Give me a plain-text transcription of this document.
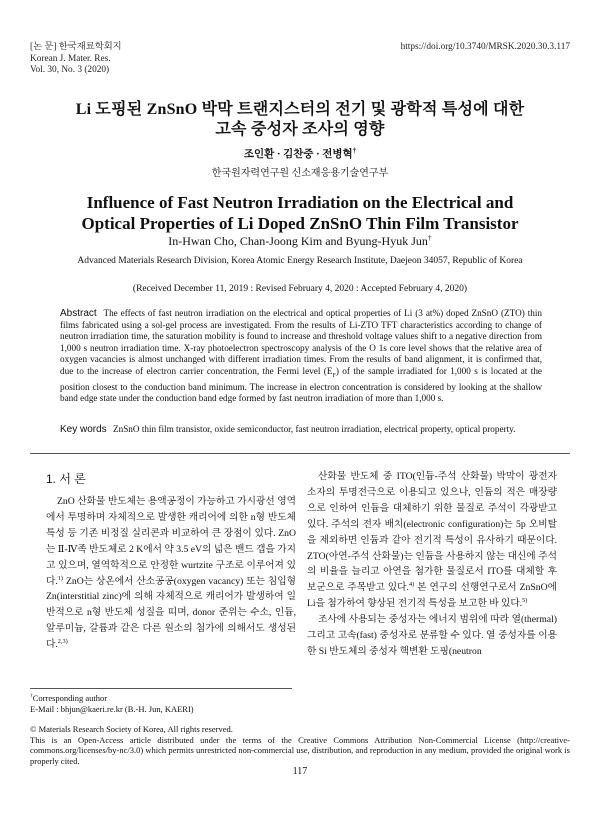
[논 문] 한국재료학회지
Korean J. Mater. Res.
Vol. 30, No. 3 (2020)
https://doi.org/10.3740/MRSK.2020.30.3.117
Li 도핑된 ZnSnO 박막 트랜지스터의 전기 및 광학적 특성에 대한
고속 중성자 조사의 영향
조인환 · 김찬중 · 전병혁†
한국원자력연구원 신소재응용기술연구부
Influence of Fast Neutron Irradiation on the Electrical and
Optical Properties of Li Doped ZnSnO Thin Film Transistor
In-Hwan Cho, Chan-Joong Kim and Byung-Hyuk Jun†
Advanced Materials Research Division, Korea Atomic Energy Research Institute, Daejeon 34057, Republic of Korea
(Received December 11, 2019 : Revised February 4, 2020 : Accepted February 4, 2020)
Abstract The effects of fast neutron irradiation on the electrical and optical properties of Li (3 at%) doped ZnSnO (ZTO) thin films fabricated using a sol-gel process are investigated. From the results of Li-ZTO TFT characteristics according to change of neutron irradiation time, the saturation mobility is found to increase and threshold voltage values shift to a negative direction from 1,000 s neutron irradiation time. X-ray photoelectron spectroscopy analysis of the O 1s core level shows that the relative area of oxygen vacancies is almost unchanged with different irradiation times. From the results of band alignment, it is confirmed that, due to the increase of electron carrier concentration, the Fermi level $(E_F)$ of the sample irradiated for 1,000 s is located at the position closest to the conduction band minimum. The increase in electron concentration is considered by looking at the shallow band edge state under the conduction band edge formed by fast neutron irradiation of more than 1,000 s.
Key words ZnSnO thin film transistor, oxide semiconductor, fast neutron irradiation, electrical property, optical property.
1. 서 론

ZnO 산화물 반도체는 용액공정이 가능하고 가시광선 영역에서 투명하며 자체적으로 발생한 캐리어에 의한 n형 반도체 특성 등 기존 비정질 실리콘과 비교하여 큰 장점이 있다. ZnO는 Ⅱ-Ⅳ족 반도체로 2 K에서 약 3.5 eV의 넓은 밴드 갭을 가지고 있으며, 열역학적으로 안정한 wurtzite 구조로 이루어져 있다.$^{1)}$ ZnO는 상온에서 산소공공(oxygen vacancy) 또는 침입형 Zn(interstitial zinc)에 의해 자체적으로 캐리어가 발생하여 일반적으로 n형 반도체 성질을 띠며, donor 준위는 수소, 인듐, 알루미늄, 갈륨과 같은 다른 원소의 첨가에 의해서도 생성된다.$^{2,3)}$

산화물 반도체 중 ITO(인듐-주석 산화물) 박막이 광전자 소자의 투명전극으로 이용되고 있으나, 인듐의 적은 매장량으로 인하여 인듐을 대체하기 위한 물질로 주석이 각광받고 있다. 주석의 전자 배치(electronic configuration)는 5p 오비탈을 제외하면 인듐과 같아 전기적 특성이 유사하기 때문이다. ZTO(아연-주석 산화물)는 인듐을 사용하지 않는 대신에 주석의 비율을 늘리고 아연을 첨가한 물질로서 ITO를 대체할 후보군으로 주목받고 있다.$^{4)}$ 본 연구의 선행연구로서 ZnSnO에 Li을 첨가하여 향상된 전기적 특성을 보고한 바 있다.$^{5)}$

조사에 사용되는 중성자는 에너지 범위에 따라 열(thermal) 그리고 고속(fast) 중성자로 분류할 수 있다. 열 중성자를 이용한 Si 반도체의 중성자 핵변환 도핑(neutron

†Corresponding author
E-Mail : bhjun@kaeri.re.kr (B.-H. Jun, KAERI)
© Materials Research Society of Korea, All rights reserved.
This is an Open-Access article distributed under the terms of the Creative Commons Attribution Non-Commercial License (http://creative-commons.org/licenses/by-nc/3.0) which permits unrestricted non-commercial use, distribution, and reproduction in any medium, provided the original work is properly cited.
117
